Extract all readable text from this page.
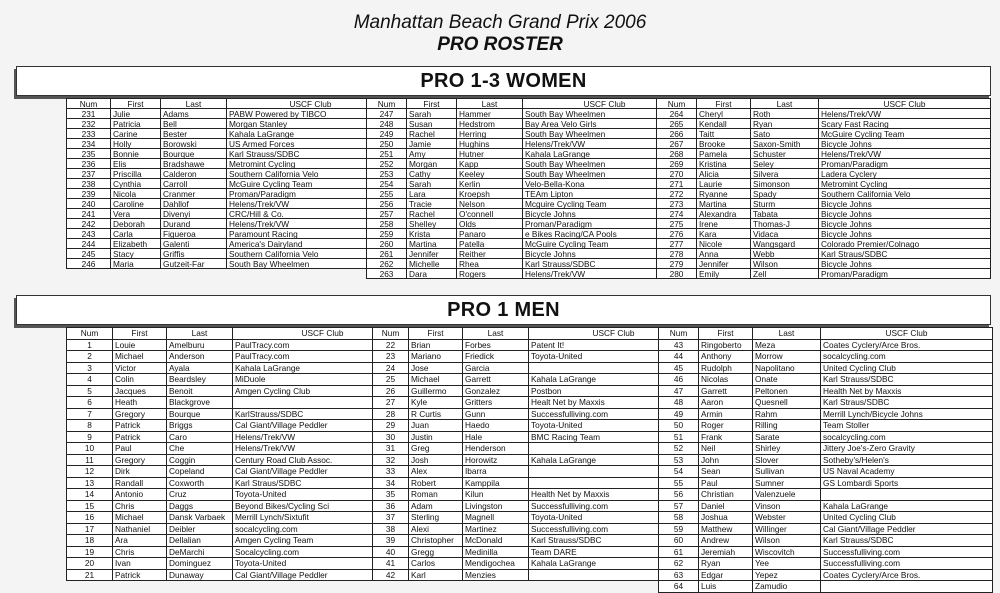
Manhattan Beach Grand Prix 2006
PRO ROSTER
PRO 1-3 WOMEN
PRO 1 MEN
Num	First	Last	USCF Club
231	Julie	Adams	PABW Powered by TIBCO
232	Patricia	Bell	Morgan Stanley
233	Carine	Bester	Kahala LaGrange
234	Holly	Borowski	US Armed Forces
235	Bonnie	Bourque	Karl Strauss/SDBC
236	Elis	Bradshawe	Metromint Cycling
237	Priscilla	Calderon	Southern California Velo
238	Cynthia	Carroll	McGuire Cycling Team
239	Nicola	Cranmer	Proman/Paradigm
240	Caroline	Dahllof	Helens/Trek/VW
241	Vera	Divenyi	CRC/Hill & Co.
242	Deborah	Durand	Helens/Trek/VW
243	Carla	Figueroa	Paramount Racing
244	Elizabeth	Galenti	America's Dairyland
245	Stacy	Griffis	Southern California Velo
246	Maria	Gutzeit-Far	South Bay Wheelmen
Num	First	Last	USCF Club
247	Sarah	Hammer	South Bay Wheelmen
248	Susan	Hedstrom	Bay Area Velo Girls
249	Rachel	Herring	South Bay Wheelmen
250	Jamie	Hughins	Helens/Trek/VW
251	Amy	Hutner	Kahala LaGrange
252	Morgan	Kapp	South Bay Wheelmen
253	Cathy	Keeley	South Bay Wheelmen
254	Sarah	Kerlin	Velo-Bella-Kona
255	Lara	Kroepsh	TEAm Lipton
256	Tracie	Nelson	Mcguire Cycling Team
257	Rachel	O'connell	Bicycle Johns
258	Shelley	Olds	Proman/Paradigm
259	Krista	Panaro	e Bikes Racing/CA Pools
260	Martina	Patella	McGuire Cycling Team
261	Jennifer	Reither	Bicycle Johns
262	Michelle	Rhea	Karl Strauss/SDBC
263	Dara	Rogers	Helens/Trek/VW
Num	First	Last	USCF Club
264	Cheryl	Roth	Helens/Trek/VW
265	Kendall	Ryan	Scary Fast Racing
266	Taitt	Sato	McGuire Cycling Team
267	Brooke	Saxon-Smith	Bicycle Johns
268	Pamela	Schuster	Helens/Trek/VW
269	Kristina	Seley	Proman/Paradigm
270	Alicia	Silvera	Ladera Cyclery
271	Laurie	Simonson	Metromint Cycling
272	Ryanne	Spady	Southern California Velo
273	Martina	Sturm	Bicycle Johns
274	Alexandra	Tabata	Bicycle Johns
275	Irene	Thomas-J	Bicycle Johns
276	Kara	Vidaca	Bicycle Johns
277	Nicole	Wangsgard	Colorado Premier/Colnago
278	Anna	Webb	Karl Straus/SDBC
279	Jennifer	Wilson	Bicycle Johns
280	Emily	Zell	Proman/Paradigm
Num	First	Last	USCF Club
1	Louie	Amelburu	PaulTracy.com
2	Michael	Anderson	PaulTracy.com
3	Victor	Ayala	Kahala LaGrange
4	Colin	Beardsley	MiDuole
5	Jacques	Benoit	Amgen Cycling Club
6	Heath	Blackgrove	
7	Gregory	Bourque	KarlStrauss/SDBC
8	Patrick	Briggs	Cal Giant/Village Peddler
9	Patrick	Caro	Helens/Trek/VW
10	Paul	Che	Helens/Trek/VW
11	Gregory	Coggin	Century Road Club Assoc.
12	Dirk	Copeland	Cal Giant/Village Peddler
13	Randall	Coxworth	Karl Straus/SDBC
14	Antonio	Cruz	Toyota-United
15	Chris	Daggs	Beyond Bikes/Cycling Sci
16	Michael	Dansk Varbaek	Merrill Lynch/Sixtufit
17	Nathaniel	Deibler	socalcycling.com
18	Ara	Dellalian	Amgen Cycling Team
19	Chris	DeMarchi	Socalcycling.com
20	Ivan	Dominguez	Toyota-United
21	Patrick	Dunaway	Cal Giant/Village Peddler
Num	First	Last	USCF Club
22	Brian	Forbes	Patent It!
23	Mariano	Friedick	Toyota-United
24	Jose	Garcia	
25	Michael	Garrett	Kahala LaGrange
26	Guillermo	Gonzalez	Postbon
27	Kyle	Gritters	Healt Net by Maxxis
28	R Curtis	Gunn	Successfulliving.com
29	Juan	Haedo	Toyota-United
30	Justin	Hale	BMC Racing Team
31	Greg	Henderson	
32	Josh	Horowitz	Kahala LaGrange
33	Alex	Ibarra	
34	Robert	Kamppila	
35	Roman	Kilun	Health Net by Maxxis
36	Adam	Livingston	Successfulliving.com
37	Sterling	Magnell	Toyota-United
38	Alexi	Martinez	Successfulliving.com
39	Christopher	McDonald	Karl Strauss/SDBC
40	Gregg	Medinilla	Team DARE
41	Carlos	Mendigochea	Kahala LaGrange
42	Karl	Menzies	
Num	First	Last	USCF Club
43	Ringoberto	Meza	Coates Cyclery/Arce Bros.
44	Anthony	Morrow	socalcycling.com
45	Rudolph	Napolitano	United Cycling Club
46	Nicolas	Onate	Karl Strauss/SDBC
47	Garrett	Peltonen	Health Net by Maxxis
48	Aaron	Quesnell	Karl Straus/SDBC
49	Armin	Rahm	Merrill Lynch/Bicycle Johns
50	Roger	Rilling	Team Stoller
51	Frank	Sarate	socalcycling.com
52	Neil	Shirley	Jittery Joe's-Zero Gravity
53	John	Slover	Sotheby's/Helen's
54	Sean	Sullivan	US Naval Academy
55	Paul	Sumner	GS Lombardi Sports
56	Christian	Valenzuele	
57	Daniel	Vinson	Kahala LaGrange
58	Joshua	Webster	United Cycling Club
59	Matthew	Willinger	Cal Giant/Village Peddler
60	Andrew	Wilson	Karl Strauss/SDBC
61	Jeremiah	Wiscovitch	Successfulliving.com
62	Ryan	Yee	Successfulliving.com
63	Edgar	Yepez	Coates Cyclery/Arce Bros.
64	Luis	Zamudio	
